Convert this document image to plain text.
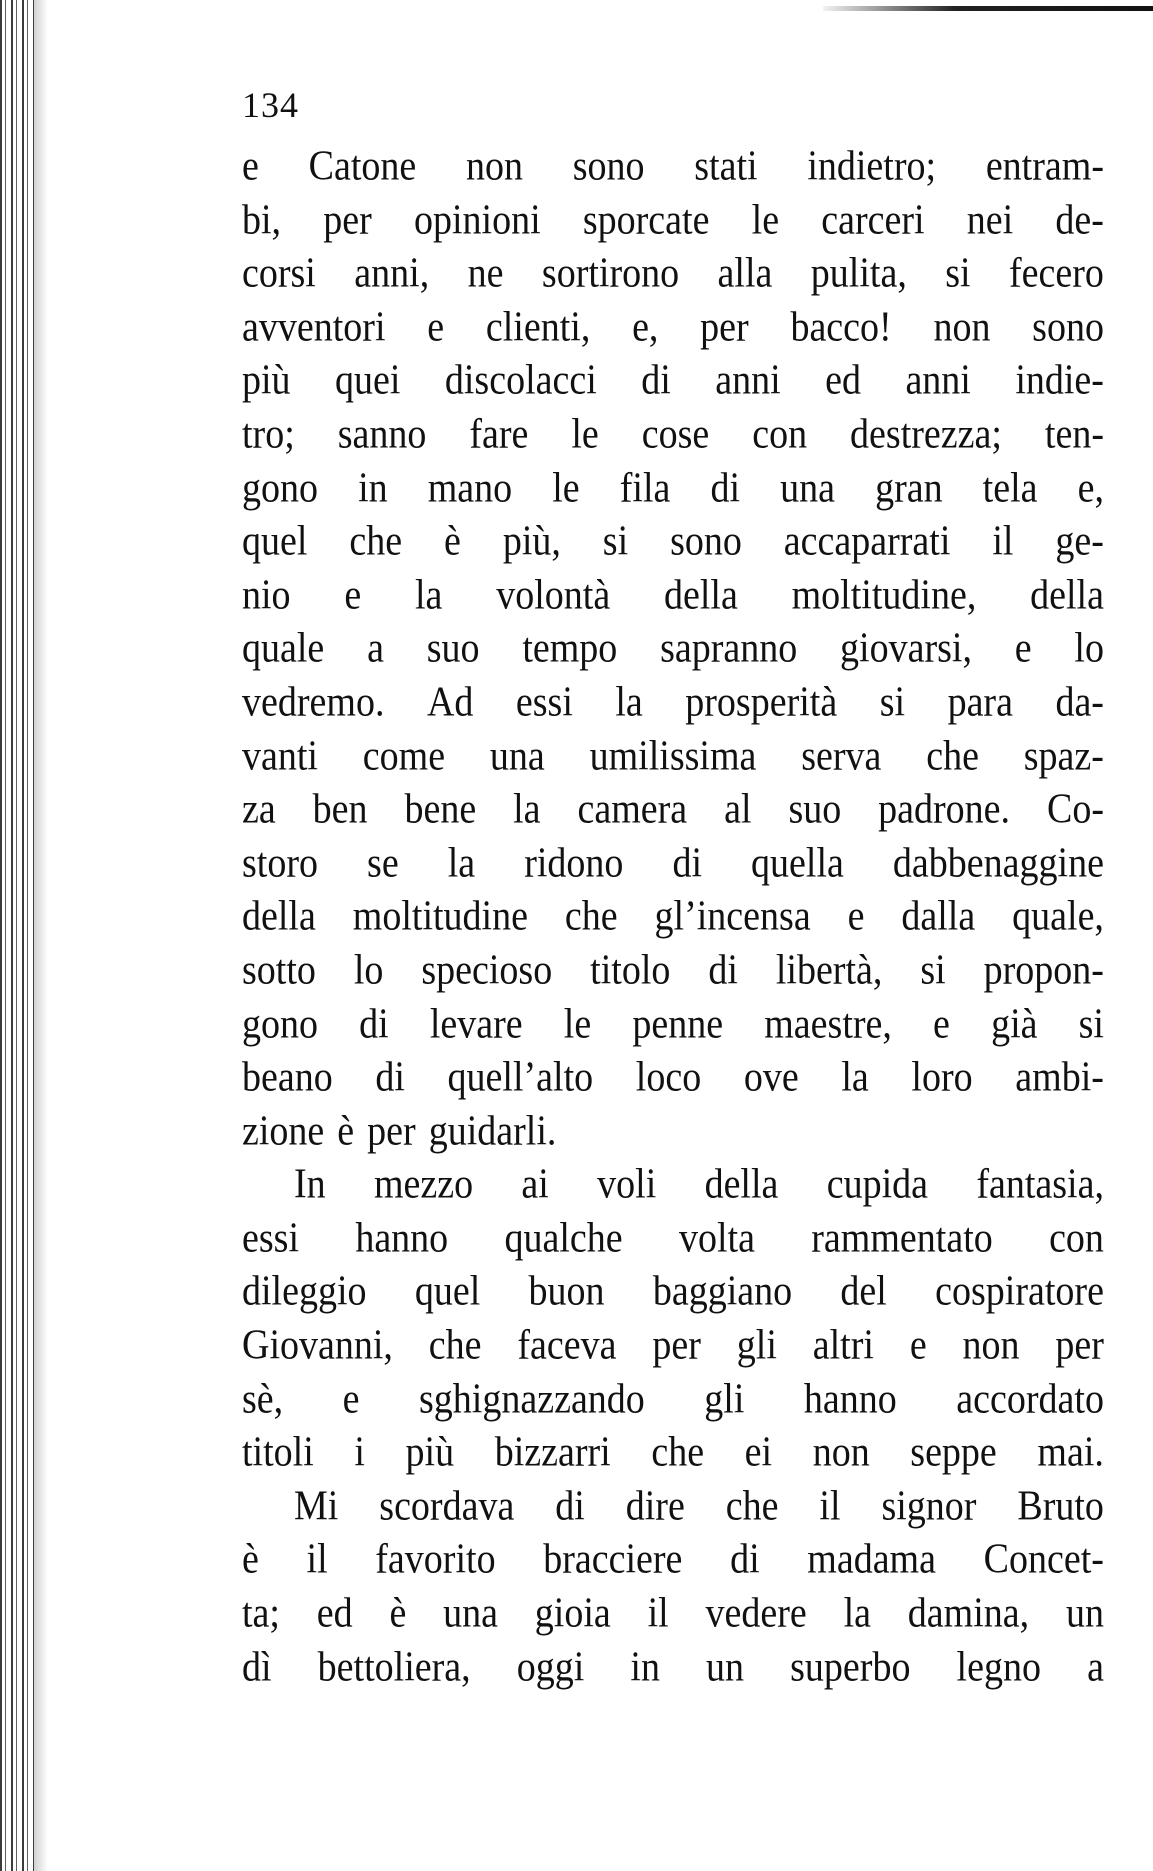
134
e Catone non sono stati indietro; entram-
bi, per opinioni sporcate le carceri nei de-
corsi anni, ne sortirono alla pulita, si fecero
avventori e clienti, e, per bacco! non sono
più quei discolacci di anni ed anni indie-
tro; sanno fare le cose con destrezza; ten-
gono in mano le fila di una gran tela e,
quel che è più, si sono accaparrati il ge-
nio e la volontà della moltitudine, della
quale a suo tempo sapranno giovarsi, e lo
vedremo. Ad essi la prosperità si para da-
vanti come una umilissima serva che spaz-
za ben bene la camera al suo padrone. Co-
storo se la ridono di quella dabbenaggine
della moltitudine che gl’incensa e dalla quale,
sotto lo specioso titolo di libertà, si propon-
gono di levare le penne maestre, e già si
beano di quell’alto loco ove la loro ambi-
zione è per guidarli.
In mezzo ai voli della cupida fantasia,
essi hanno qualche volta rammentato con
dileggio quel buon baggiano del cospiratore
Giovanni, che faceva per gli altri e non per
sè, e sghignazzando gli hanno accordato
titoli i più bizzarri che ei non seppe mai.
Mi scordava di dire che il signor Bruto
è il favorito bracciere di madama Concet-
ta; ed è una gioia il vedere la damina, un
dì bettoliera, oggi in un superbo legno a
